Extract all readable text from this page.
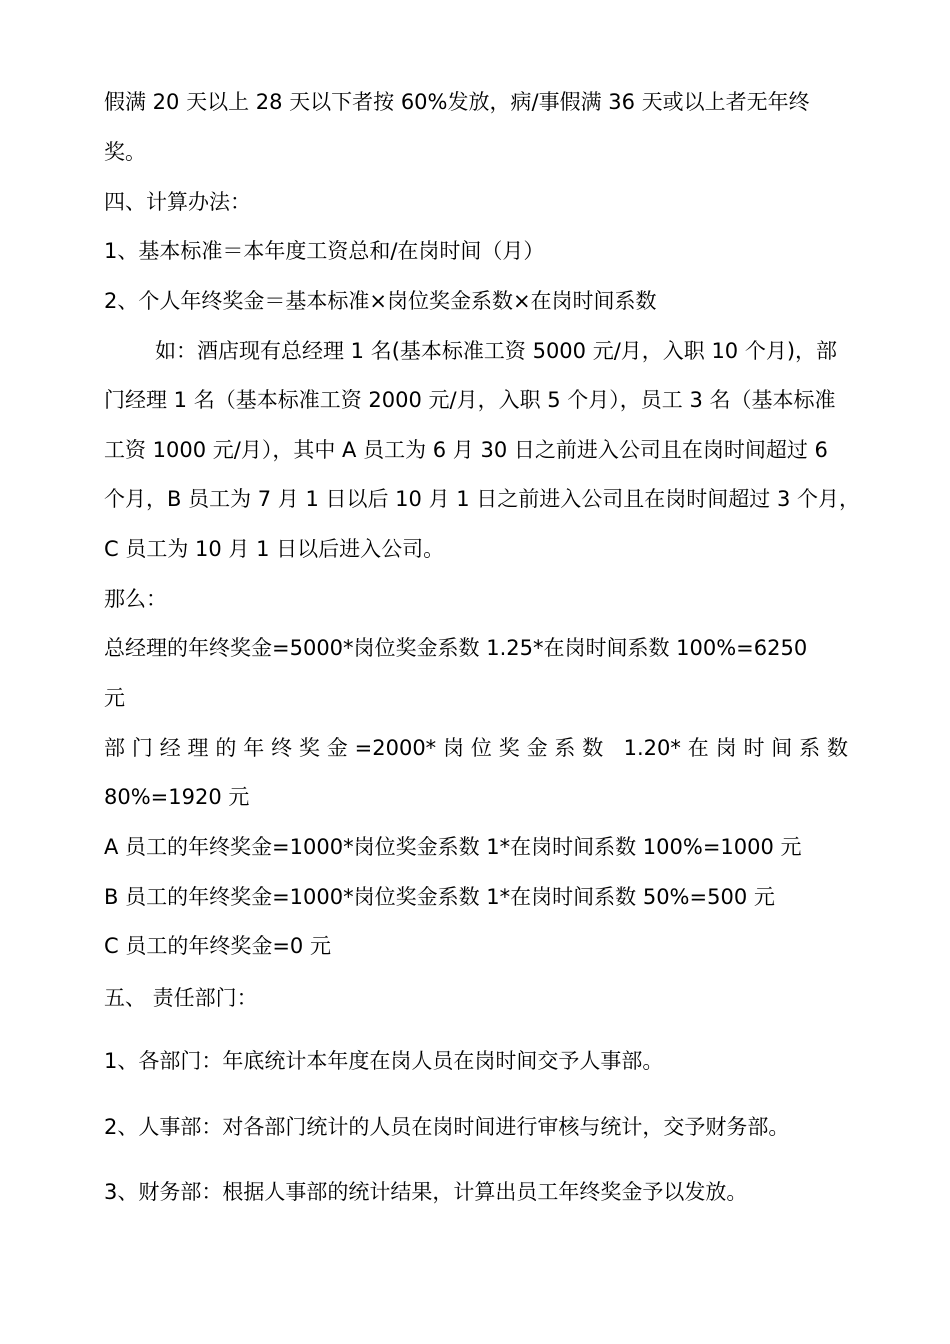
假满 20 天以上 28 天以下者按 60%发放，病/事假满 36 天或以上者无年终

奖。

四、计算办法：

1、基本标准＝本年度工资总和/在岗时间（月）

2、个人年终奖金＝基本标准×岗位奖金系数×在岗时间系数

如：酒店现有总经理 1 名(基本标准工资 5000 元/月，入职 10 个月)，部

门经理 1 名（基本标准工资 2000 元/月，入职 5 个月），员工 3 名（基本标准

工资 1000 元/月），其中 A 员工为 6 月 30 日之前进入公司且在岗时间超过 6

个月，B 员工为 7 月 1 日以后 10 月 1 日之前进入公司且在岗时间超过 3 个月，

C 员工为 10 月 1 日以后进入公司。

那么：

总经理的年终奖金=5000*岗位奖金系数 1.25*在岗时间系数 100%=6250

元

部门经理的年终奖金=2000*岗位奖金系数 1.20*在岗时间系数

80%=1920 元

A 员工的年终奖金=1000*岗位奖金系数 1*在岗时间系数 100%=1000 元

B 员工的年终奖金=1000*岗位奖金系数 1*在岗时间系数 50%=500 元

C 员工的年终奖金=0 元

五、 责任部门：

1、各部门：年底统计本年度在岗人员在岗时间交予人事部。

2、人事部：对各部门统计的人员在岗时间进行审核与统计，交予财务部。

3、财务部：根据人事部的统计结果，计算出员工年终奖金予以发放。
